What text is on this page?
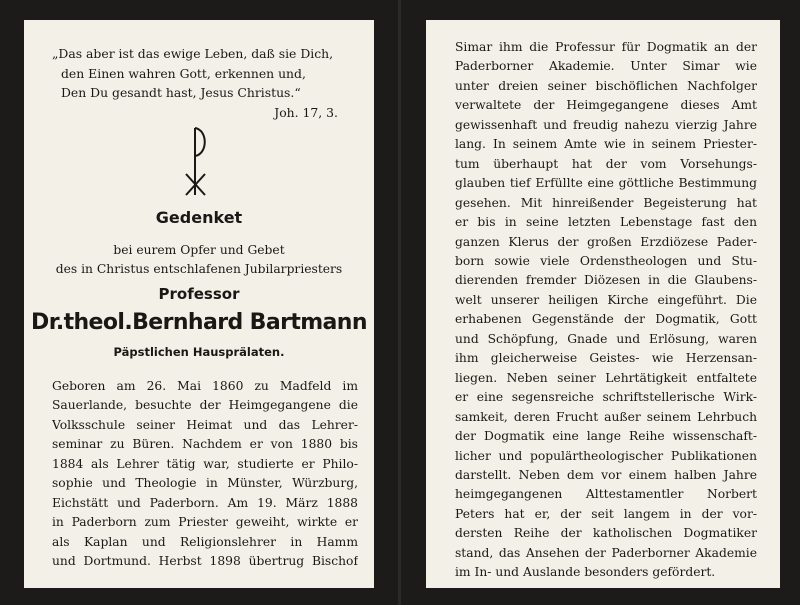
„Das aber ist das ewige Leben, daß sie Dich,
den Einen wahren Gott, erkennen und,
Den Du gesandt hast, Jesus Christus.“
Joh. 17, 3.
Gedenket
bei eurem Opfer und Gebet
des in Christus entschlafenen Jubilarpriesters
Professor
Dr.theol.Bernhard Bartmann
Päpstlichen Hausprälaten.
Geboren am 26. Mai 1860 zu Madfeld im
Sauerlande, besuchte der Heimgegangene die
Volksschule seiner Heimat und das Lehrer-
seminar zu Büren. Nachdem er von 1880 bis
1884 als Lehrer tätig war, studierte er Philo-
sophie und Theologie in Münster, Würzburg,
Eichstätt und Paderborn. Am 19. März 1888
in Paderborn zum Priester geweiht, wirkte er
als Kaplan und Religionslehrer in Hamm
und Dortmund. Herbst 1898 übertrug Bischof
Simar ihm die Professur für Dogmatik an der
Paderborner Akademie. Unter Simar wie
unter dreien seiner bischöflichen Nachfolger
verwaltete der Heimgegangene dieses Amt
gewissenhaft und freudig nahezu vierzig Jahre
lang. In seinem Amte wie in seinem Priester-
tum überhaupt hat der vom Vorsehungs-
glauben tief Erfüllte eine göttliche Bestimmung
gesehen. Mit hinreißender Begeisterung hat
er bis in seine letzten Lebenstage fast den
ganzen Klerus der großen Erzdiözese Pader-
born sowie viele Ordenstheologen und Stu-
dierenden fremder Diözesen in die Glaubens-
welt unserer heiligen Kirche eingeführt. Die
erhabenen Gegenstände der Dogmatik, Gott
und Schöpfung, Gnade und Erlösung, waren
ihm gleicherweise Geistes- wie Herzensan-
liegen. Neben seiner Lehrtätigkeit entfaltete
er eine segensreiche schriftstellerische Wirk-
samkeit, deren Frucht außer seinem Lehrbuch
der Dogmatik eine lange Reihe wissenschaft-
licher und populärtheologischer Publikationen
darstellt. Neben dem vor einem halben Jahre
heimgegangenen Alttestamentler Norbert
Peters hat er, der seit langem in der vor-
dersten Reihe der katholischen Dogmatiker
stand, das Ansehen der Paderborner Akademie
im In- und Auslande besonders gefördert.
